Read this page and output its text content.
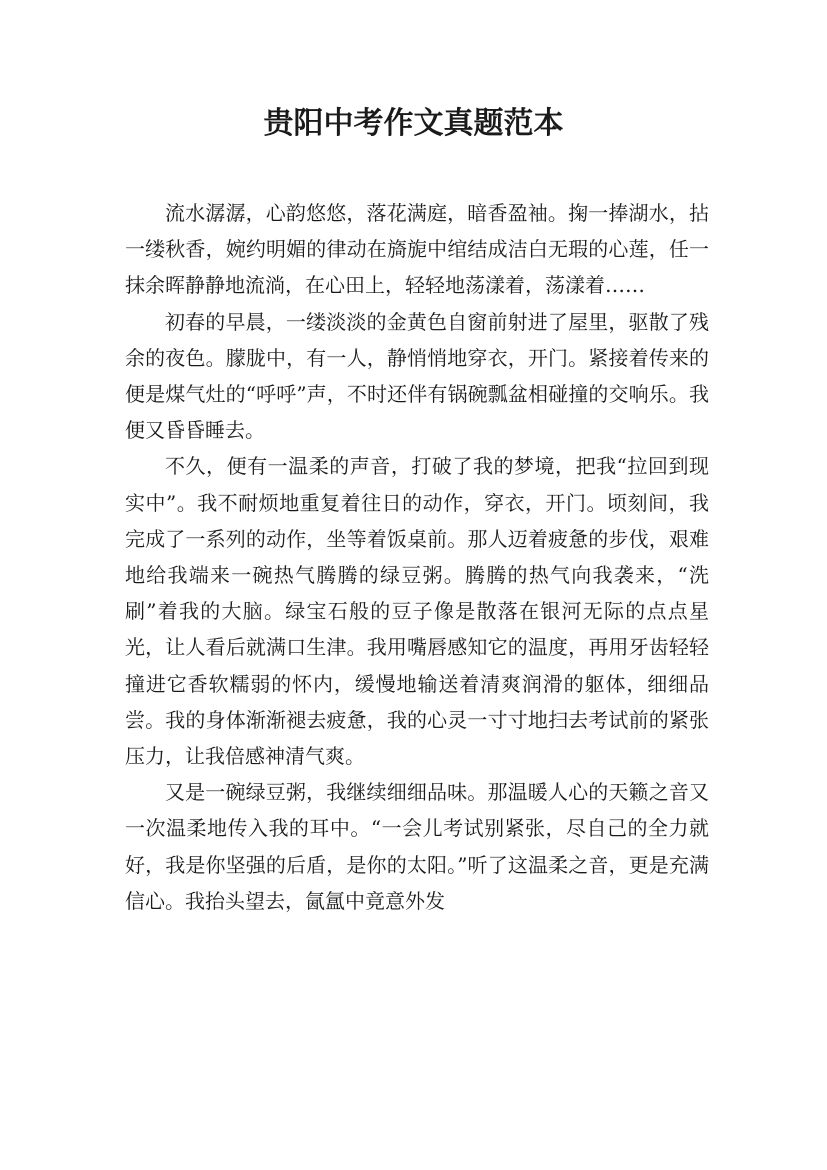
贵阳中考作文真题范本

流水潺潺，心韵悠悠，落花满庭，暗香盈袖。掬一捧湖水，拈一缕秋香，婉约明媚的律动在旖旎中绾结成洁白无瑕的心莲，任一抹余晖静静地流淌，在心田上，轻轻地荡漾着，荡漾着……

初春的早晨，一缕淡淡的金黄色自窗前射进了屋里，驱散了残余的夜色。朦胧中，有一人，静悄悄地穿衣，开门。紧接着传来的便是煤气灶的“呼呼”声，不时还伴有锅碗瓢盆相碰撞的交响乐。我便又昏昏睡去。

不久，便有一温柔的声音，打破了我的梦境，把我“拉回到现实中”。我不耐烦地重复着往日的动作，穿衣，开门。顷刻间，我完成了一系列的动作，坐等着饭桌前。那人迈着疲惫的步伐，艰难地给我端来一碗热气腾腾的绿豆粥。腾腾的热气向我袭来，“洗刷”着我的大脑。绿宝石般的豆子像是散落在银河无际的点点星光，让人看后就满口生津。我用嘴唇感知它的温度，再用牙齿轻轻撞进它香软糯弱的怀内，缓慢地输送着清爽润滑的躯体，细细品尝。我的身体渐渐褪去疲惫，我的心灵一寸寸地扫去考试前的紧张压力，让我倍感神清气爽。

又是一碗绿豆粥，我继续细细品味。那温暖人心的天籁之音又一次温柔地传入我的耳中。“一会儿考试别紧张，尽自己的全力就好，我是你坚强的后盾，是你的太阳。”听了这温柔之音，更是充满信心。我抬头望去，氤氲中竟意外发
